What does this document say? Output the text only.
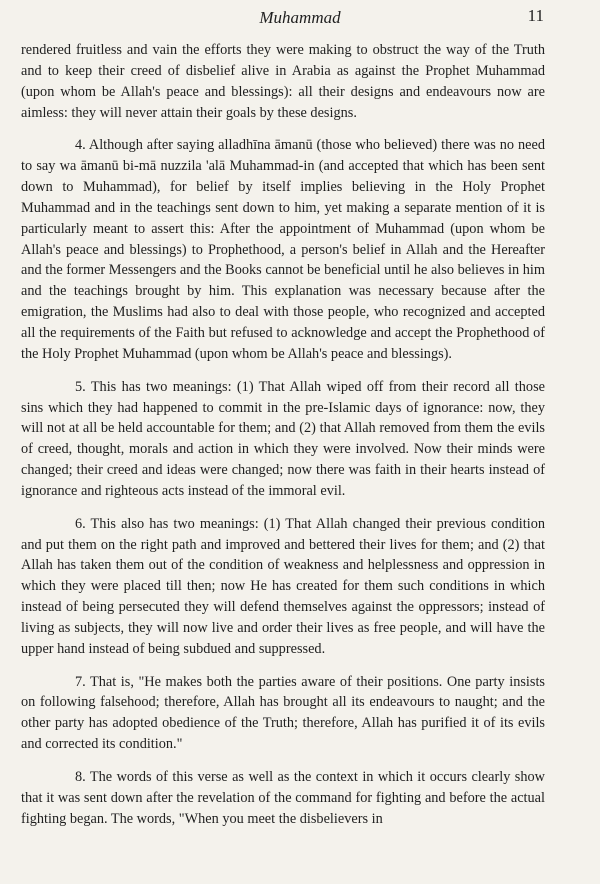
Muhammad	11

rendered fruitless and vain the efforts they were making to obstruct the way of the Truth and to keep their creed of disbelief alive in Arabia as against the Prophet Muhammad (upon whom be Allah's peace and blessings): all their designs and endeavours now are aimless: they will never attain their goals by these designs.

4. Although after saying alladhīna āmanū (those who believed) there was no need to say wa āmanū bi-mā nuzzila 'alā Muhammad-in (and accepted that which has been sent down to Muhammad), for belief by itself implies believing in the Holy Prophet Muhammad and in the teachings sent down to him, yet making a separate mention of it is particularly meant to assert this: After the appointment of Muhammad (upon whom be Allah's peace and blessings) to Prophethood, a person's belief in Allah and the Hereafter and the former Messengers and the Books cannot be beneficial until he also believes in him and the teachings brought by him. This explanation was necessary because after the emigration, the Muslims had also to deal with those people, who recognized and accepted all the requirements of the Faith but refused to acknowledge and accept the Prophethood of the Holy Prophet Muhammad (upon whom be Allah's peace and blessings).

5. This has two meanings: (1) That Allah wiped off from their record all those sins which they had happened to commit in the pre-Islamic days of ignorance: now, they will not at all be held accountable for them; and (2) that Allah removed from them the evils of creed, thought, morals and action in which they were involved. Now their minds were changed; their creed and ideas were changed; now there was faith in their hearts instead of ignorance and righteous acts instead of the immoral evil.

6. This also has two meanings: (1) That Allah changed their previous condition and put them on the right path and improved and bettered their lives for them; and (2) that Allah has taken them out of the condition of weakness and helplessness and oppression in which they were placed till then; now He has created for them such conditions in which instead of being persecuted they will defend themselves against the oppressors; instead of living as subjects, they will now live and order their lives as free people, and will have the upper hand instead of being subdued and suppressed.

7. That is, "He makes both the parties aware of their positions. One party insists on following falsehood; therefore, Allah has brought all its endeavours to naught; and the other party has adopted obedience of the Truth; therefore, Allah has purified it of its evils and corrected its condition."

8. The words of this verse as well as the context in which it occurs clearly show that it was sent down after the revelation of the command for fighting and before the actual fighting began. The words, "When you meet the disbelievers in
